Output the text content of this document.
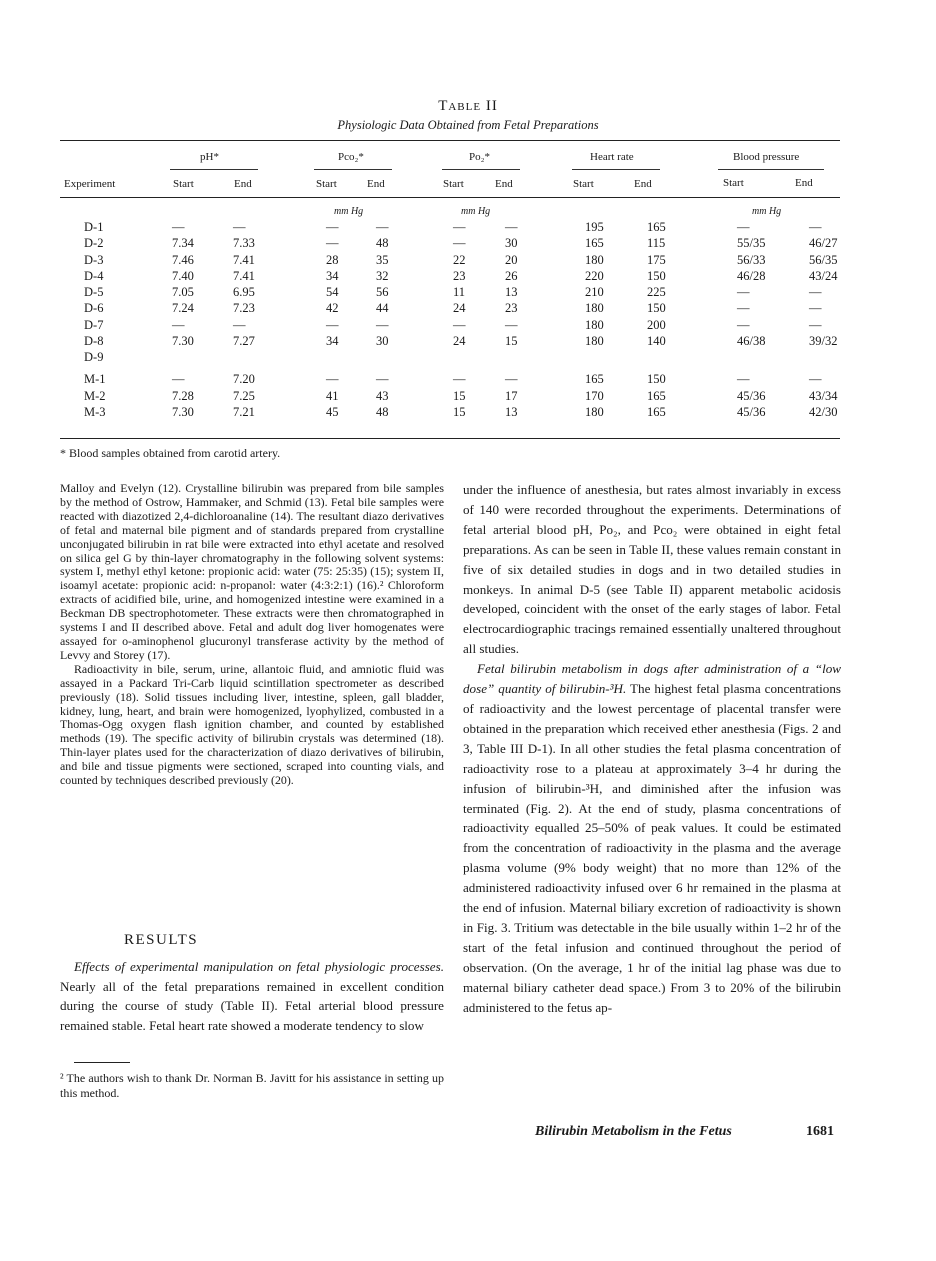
Table II
Physiologic Data Obtained from Fetal Preparations
pH*	Pco₂*	Po₂*	Heart rate	Blood pressure
Experiment	Start	End	Start	End	Start	End	Start	End	Start	End
mm Hg	mm Hg	mm Hg
D-1	—	—	—	—	—	—	195	165	—	—
D-2	7.34	7.33	—	48	—	30	165	115	55/35	46/27
D-3	7.46	7.41	28	35	22	20	180	175	56/33	56/35
D-4	7.40	7.41	34	32	23	26	220	150	46/28	43/24
D-5	7.05	6.95	54	56	11	13	210	225	—	—
D-6	7.24	7.23	42	44	24	23	180	150	—	—
D-7	—	—	—	—	—	—	180	200	—	—
D-8	7.30	7.27	34	30	24	15	180	140	46/38	39/32
D-9										
M-1	—	7.20	—	—	—	—	165	150	—	—
M-2	7.28	7.25	41	43	15	17	170	165	45/36	43/34
M-3	7.30	7.21	45	48	15	13	180	165	45/36	42/30
* Blood samples obtained from carotid artery.

Malloy and Evelyn (12). Crystalline bilirubin was prepared from bile samples by the method of Ostrow, Hammaker, and Schmid (13). Fetal bile samples were reacted with diazotized 2,4-dichloroanaline (14). The resultant diazo derivatives of fetal and maternal bile pigment and of standards prepared from crystalline unconjugated bilirubin in rat bile were extracted into ethyl acetate and resolved on silica gel G by thin-layer chromatography in the following solvent systems: system I, methyl ethyl ketone: propionic acid: water (75: 25:35) (15); system II, isoamyl acetate: propionic acid: n-propanol: water (4:3:2:1) (16).² Chloroform extracts of acidified bile, urine, and homogenized intestine were examined in a Beckman DB spectrophotometer. These extracts were then chromatographed in systems I and II described above. Fetal and adult dog liver homogenates were assayed for o-aminophenol glucuronyl transferase activity by the method of Levvy and Storey (17).

Radioactivity in bile, serum, urine, allantoic fluid, and amniotic fluid was assayed in a Packard Tri-Carb liquid scintillation spectrometer as described previously (18). Solid tissues including liver, intestine, spleen, gall bladder, kidney, lung, heart, and brain were homogenized, lyophylized, combusted in a Thomas-Ogg oxygen flash ignition chamber, and counted by established methods (19). The specific activity of bilirubin crystals was determined (18). Thin-layer plates used for the characterization of diazo derivatives of bilirubin, and bile and tissue pigments were sectioned, scraped into counting vials, and counted by techniques described previously (20).

RESULTS

Effects of experimental manipulation on fetal physiologic processes. Nearly all of the fetal preparations remained in excellent condition during the course of study (Table II). Fetal arterial blood pressure remained stable. Fetal heart rate showed a moderate tendency to slow

² The authors wish to thank Dr. Norman B. Javitt for his assistance in setting up this method.

under the influence of anesthesia, but rates almost invariably in excess of 140 were recorded throughout the experiments. Determinations of fetal arterial blood pH, Po₂, and Pco₂ were obtained in eight fetal preparations. As can be seen in Table II, these values remain constant in five of six detailed studies in dogs and in two detailed studies in monkeys. In animal D-5 (see Table II) apparent metabolic acidosis developed, coincident with the onset of the early stages of labor. Fetal electrocardiographic tracings remained essentially unaltered throughout all studies.

Fetal bilirubin metabolism in dogs after administration of a “low dose” quantity of bilirubin-³H. The highest fetal plasma concentrations of radioactivity and the lowest percentage of placental transfer were obtained in the preparation which received ether anesthesia (Figs. 2 and 3, Table III D-1). In all other studies the fetal plasma concentration of radioactivity rose to a plateau at approximately 3–4 hr during the infusion of bilirubin-³H, and diminished after the infusion was terminated (Fig. 2). At the end of study, plasma concentrations of radioactivity equalled 25–50% of peak values. It could be estimated from the concentration of radioactivity in the plasma and the average plasma volume (9% body weight) that no more than 12% of the administered radioactivity infused over 6 hr remained in the plasma at the end of infusion. Maternal biliary excretion of radioactivity is shown in Fig. 3. Tritium was detectable in the bile usually within 1–2 hr of the start of the fetal infusion and continued throughout the period of observation. (On the average, 1 hr of the initial lag phase was due to maternal biliary catheter dead space.) From 3 to 20% of the bilirubin administered to the fetus ap-

Bilirubin Metabolism in the Fetus	1681
